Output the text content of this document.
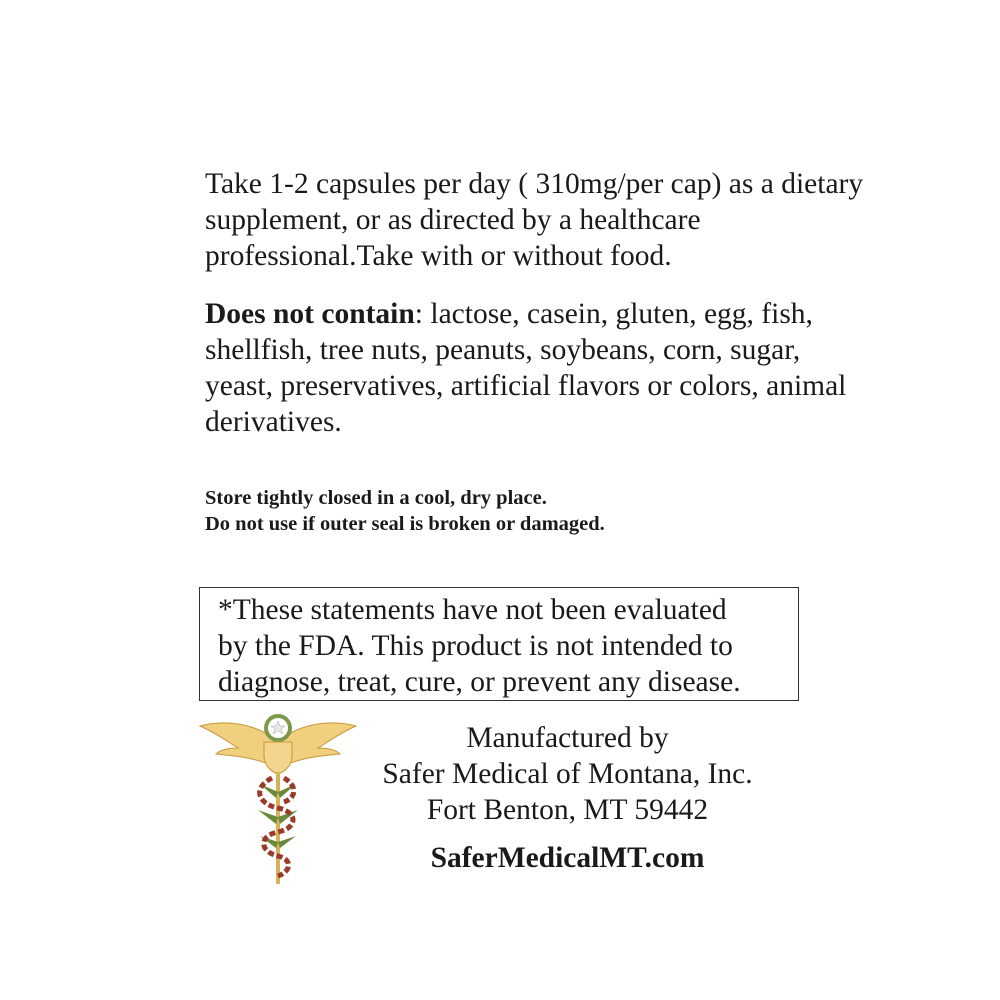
Take 1-2 capsules per day ( 310mg/per cap) as a dietary supplement, or as directed by a healthcare professional.Take with or without food.

Does not contain: lactose, casein, gluten, egg, fish, shellfish, tree nuts, peanuts, soybeans, corn, sugar, yeast, preservatives, artificial flavors or colors, animal derivatives.

Store tightly closed in a cool, dry place.
Do not use if outer seal is broken or damaged.
*These statements have not been evaluated
by the FDA. This product is not intended to
diagnose, treat, cure, or prevent any disease.
Manufactured by
Safer Medical of Montana, Inc.
Fort Benton, MT 59442
SaferMedicalMT.com
